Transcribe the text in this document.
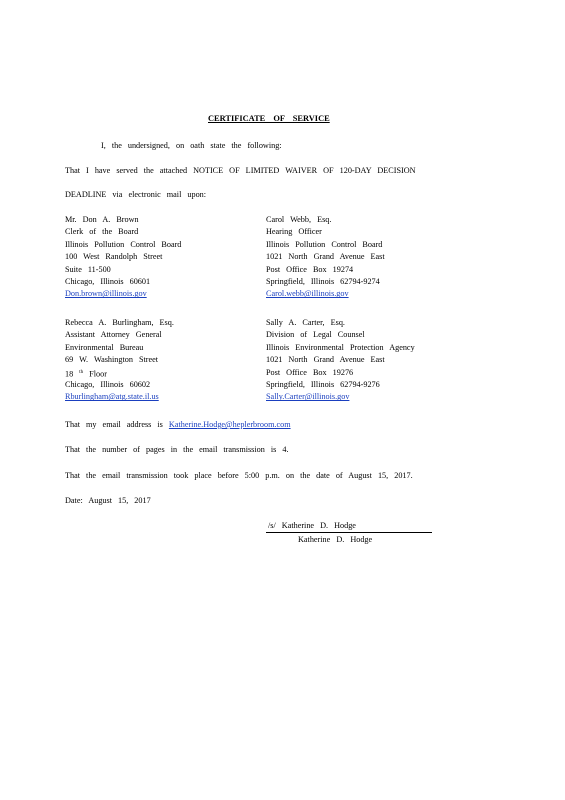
CERTIFICATE OF SERVICE
I, the undersigned, on oath state the following:
That I have served the attached NOTICE OF LIMITED WAIVER OF 120-DAY DECISION
DEADLINE via electronic mail upon:
Mr. Don A. Brown
Clerk of the Board
Illinois Pollution Control Board
100 West Randolph Street
Suite 11-500
Chicago, Illinois 60601
Don.brown@illinois.gov
Carol Webb, Esq.
Hearing Officer
Illinois Pollution Control Board
1021 North Grand Avenue East
Post Office Box 19274
Springfield, Illinois 62794-9274
Carol.webb@illinois.gov
Rebecca A. Burlingham, Esq.
Assistant Attorney General
Environmental Bureau
69 W. Washington Street
18 $^{th}$ Floor
Chicago, Illinois 60602
Rburlingham@atg.state.il.us
Sally A. Carter, Esq.
Division of Legal Counsel
Illinois Environmental Protection Agency
1021 North Grand Avenue East
Post Office Box 19276
Springfield, Illinois 62794-9276
Sally.Carter@illinois.gov
That my email address is Katherine.Hodge@heplerbroom.com
That the number of pages in the email transmission is 4.
That the email transmission took place before 5:00 p.m. on the date of August 15, 2017.
Date: August 15, 2017
/s/ Katherine D. Hodge
Katherine D. Hodge
